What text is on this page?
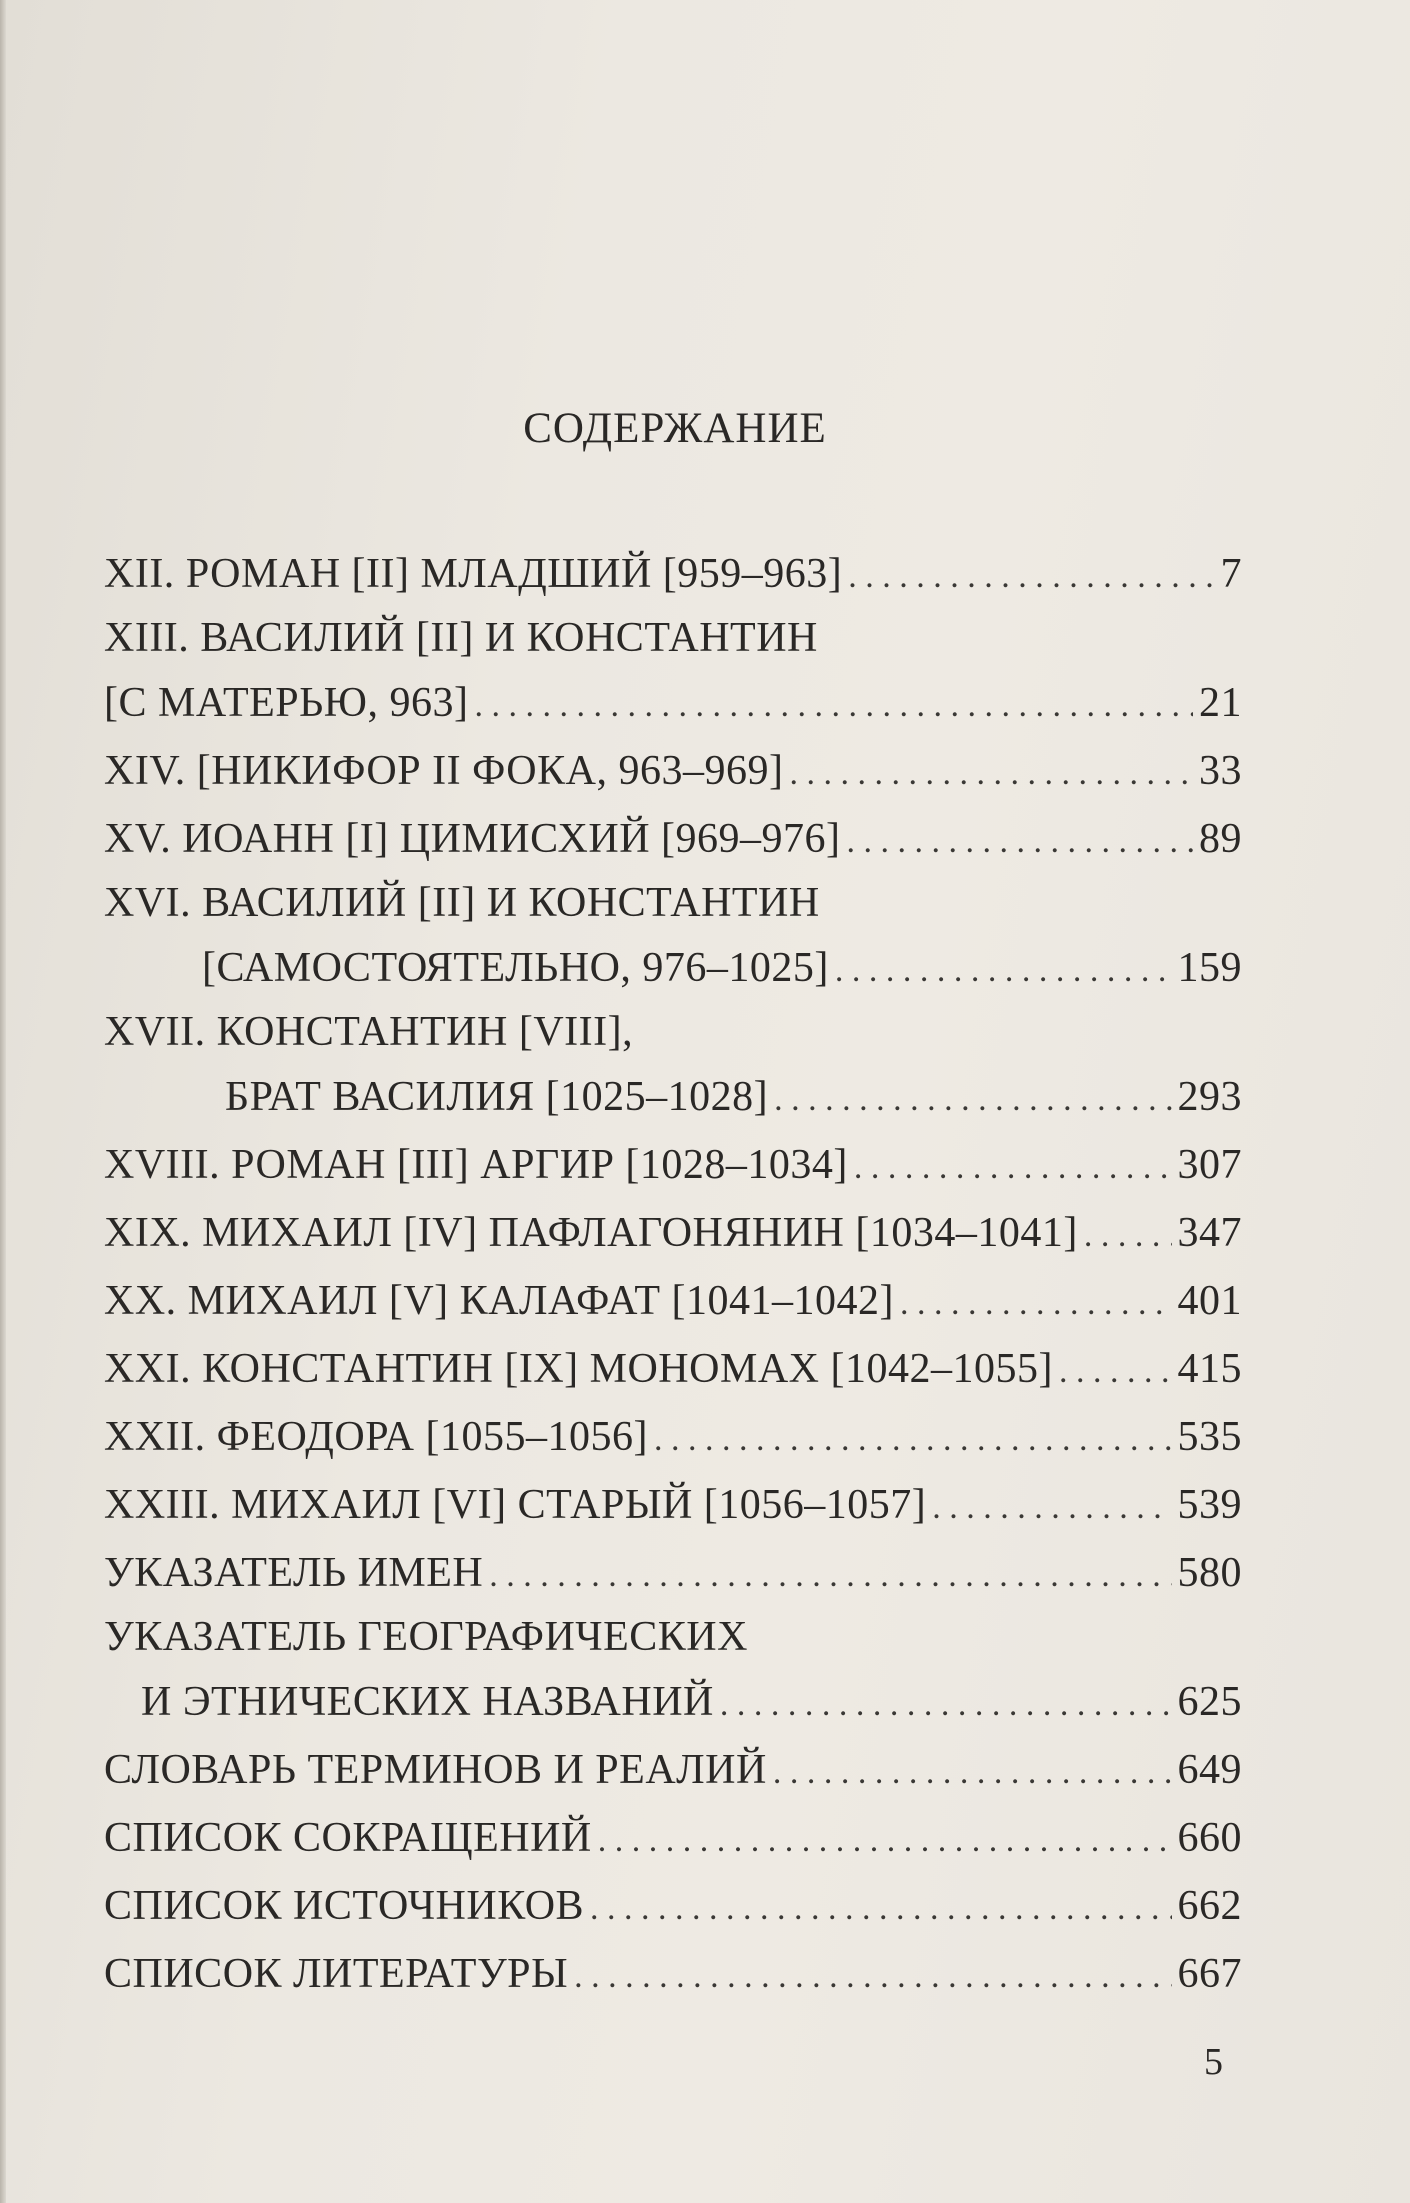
СОДЕРЖАНИЕ
XII.
РОМАН [II] МЛАДШИЙ [959–963] . . .	7
XIII. ВАСИЛИЙ [II] И КОНСТАНТИН
[С МАТЕРЬЮ, 963] . . .	21
XIV.
[НИКИФОР II ФОКА, 963–969] . . .	33
XV.
ИОАНН [I] ЦИМИСХИЙ [969–976] . . .	89
XVI. ВАСИЛИЙ [II] И КОНСТАНТИН
[САМОСТОЯТЕЛЬНО, 976–1025] . . .	159
XVII. КОНСТАНТИН [VIII],
БРАТ ВАСИЛИЯ [1025–1028] . . .	293
XVIII.
РОМАН [III] АРГИР [1028–1034] . . .	307
XIX.
МИХАИЛ [IV] ПАФЛАГОНЯНИН [1034–1041] . . . 347
XX.
МИХАИЛ [V] КАЛАФАТ [1041–1042] . . .	401
XXI.
КОНСТАНТИН [IX] МОНОМАХ [1042–1055] . . .	415
XXII.
ФЕОДОРА [1055–1056] . . .	535
XXIII.
МИХАИЛ [VI] СТАРЫЙ [1056–1057] . . .	539
УКАЗАТЕЛЬ ИМЕН . . .	580
УКАЗАТЕЛЬ ГЕОГРАФИЧЕСКИХ
И ЭТНИЧЕСКИХ НАЗВАНИЙ . . .	625
СЛОВАРЬ ТЕРМИНОВ И РЕАЛИЙ . . .	649
СПИСОК СОКРАЩЕНИЙ . . .	660
СПИСОК ИСТОЧНИКОВ . . .	662
СПИСОК ЛИТЕРАТУРЫ . . .	667
5
